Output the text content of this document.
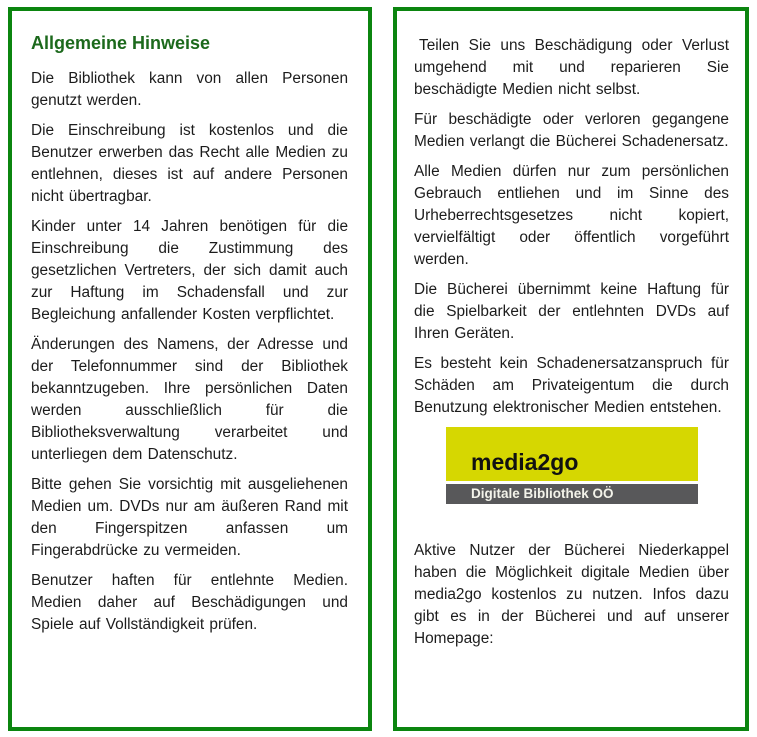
Allgemeine Hinweise

Die Bibliothek kann von allen Personen genutzt werden.

Die Einschreibung ist kostenlos und die Benutzer erwerben das Recht alle Medien zu entlehnen, dieses ist auf andere Personen nicht übertragbar.

Kinder unter 14 Jahren benötigen für die Einschreibung die Zustimmung des gesetzlichen Vertreters, der sich damit auch zur Haftung im Schadensfall und zur Begleichung anfallender Kosten verpflichtet.

Änderungen des Namens, der Adresse und der Telefonnummer sind der Bibliothek bekanntzugeben. Ihre persönlichen Daten werden ausschließlich für die Bibliotheksverwaltung verarbeitet und unterliegen dem Datenschutz.

Bitte gehen Sie vorsichtig mit ausgeliehenen Medien um. DVDs nur am äußeren Rand mit den Fingerspitzen anfassen um Fingerabdrücke zu vermeiden.

Benutzer haften für entlehnte Medien. Medien daher auf Beschädigungen und Spiele auf Vollständigkeit prüfen.

Teilen Sie uns Beschädigung oder Verlust umgehend mit und reparieren Sie beschädigte Medien nicht selbst.

Für beschädigte oder verloren gegangene Medien verlangt die Bücherei Schadenersatz.

Alle Medien dürfen nur zum persönlichen Gebrauch entliehen und im Sinne des Urheberrechtsgesetzes nicht kopiert, vervielfältigt oder öffentlich vorgeführt werden.

Die Bücherei übernimmt keine Haftung für die Spielbarkeit der entlehnten DVDs auf Ihren Geräten.

Es besteht kein Schadenersatzanspruch für Schäden am Privateigentum die durch Benutzung elektronischer Medien entstehen.

media2go
Digitale Bibliothek OÖ

Aktive Nutzer der Bücherei Niederkappel haben die Möglichkeit digitale Medien über media2go kostenlos zu nutzen. Infos dazu gibt es in der Bücherei und auf unserer Homepage:
